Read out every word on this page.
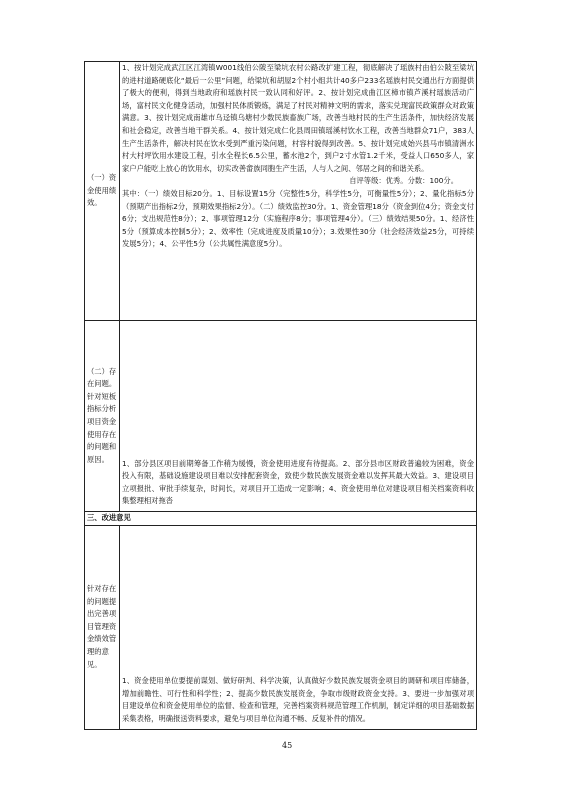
（一）资金使用绩效。	1、按计划完成武江区江湾镇W001线伯公陂至梁坑农村公路改扩建工程，彻底解决了瑶族村由伯公陂至梁坑的进村道路硬底化“最后一公里”问题，给梁坑和胡屋2个村小组共计40多户233名瑶族村民交通出行方面提供了极大的便利，得到当地政府和瑶族村民一致认同和好评。2、按计划完成曲江区樟市镇芦溪村瑶族活动广场，富村民文化健身活动，加强村民体质锻炼，满足了村民对精神文明的需求，落实兑现富民政策群众对政策满意。3、按计划完成南雄市乌迳镇乌塘村少数民族畜族广场，改善当地村民的生产生活条件，加快经济发展和社会稳定，改善当地干群关系。4、按计划完成仁化县周田镇瑶溪村饮水工程，改善当地群众71户，383人生产生活条件，解决村民在饮水受到严重污染问题，村容村貌得到改善。5、按计划完成始兴县马市镇清洲水村大村坪饮用水建设工程，引水全程长6.5公里，蓄水池2个，到户2寸水管1.2千米，受益人口650多人，家家户户能吃上放心的饮用水，切实改善畲族同胞生产生活，人与人之间、邻居之间的和谐关系。
自评等级：优秀。分数：100分。
其中：（一）绩效目标20分。1、目标设置15分（完整性5分，科学性5分，可衡量性5分）；2、量化指标5分（预期产出指标2分，预期效果指标2分）。（二）绩效监控30分。1、资金管理18分（资金到位4分；资金支付6分；支出规范性8分）；2、事项管理12分（实施程序8分；事项管理4分）。（三）绩效结果50分。1、经济性5分（预算成本控制5分）；2、效率性（完成进度及质量10分）；3.效果性30分（社会经济效益25分，可持续发展5分）；4、公平性5分（公共属性满意度5分）。

（二）存在问题。针对短板指标分析项目资金使用存在的问题和原因。	1、部分县区项目前期筹备工作稍为缓慢，资金使用进度有待提高。2、部分县市区财政普遍较为困难，资金投入有限，基础设施建设项目难以安排配套资金，致使少数民族发展资金难以发挥其最大效益。3、建设项目立项报批、审批手续复杂，时间长，对项目开工造成一定影响；4、资金使用单位对建设项目相关档案资料收集整理相对拖沓
三、改进意见	
针对存在的问题提出完善项目管理资金绩效管理的意见。	1、资金使用单位要提前谋划、做好研判、科学决策，认真做好少数民族发展资金项目的调研和项目库储备，增加前瞻性、可行性和科学性；2、提高少数民族发展资金，争取市级财政资金支持。3、要进一步加强对项目建设单位和资金使用单位的监督、检查和管理，完善档案资料规范管理工作机制，制定详细的项目基础数据采集表格，明确报送资料要求，避免与项目单位沟通不畅、反复补件的情况。
45
